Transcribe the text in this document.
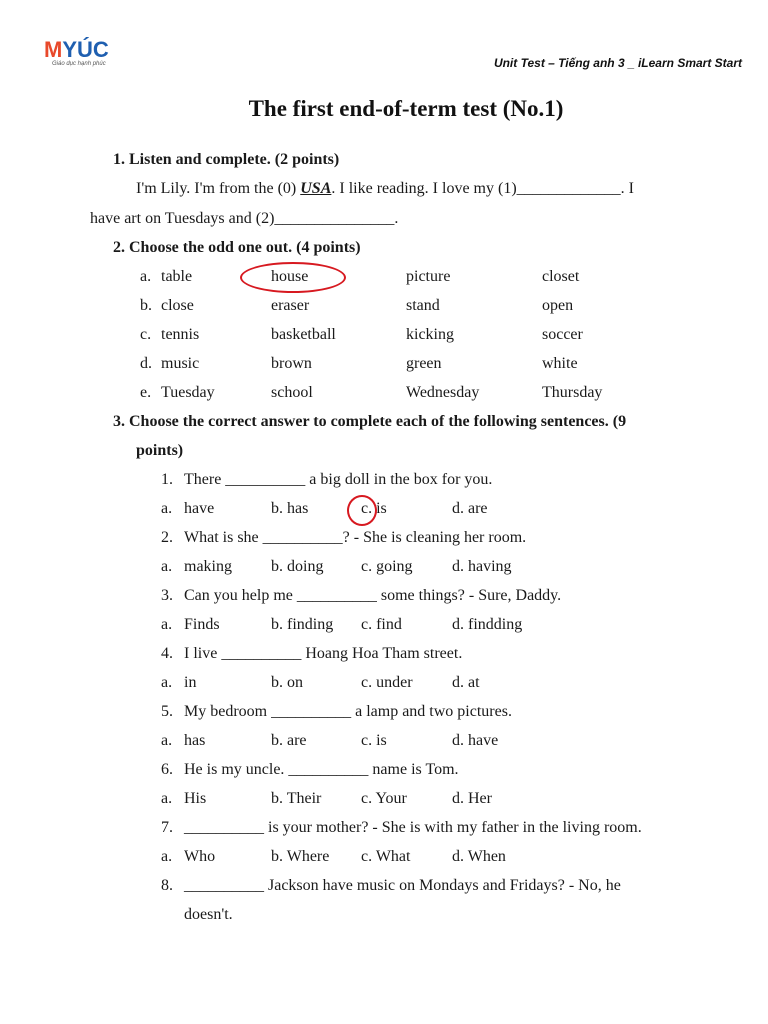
MYÚC
Giáo dục hạnh phúc	Unit Test – Tiếng anh 3 _ iLearn Smart Start
The first end-of-term test (No.1)
1. Listen and complete. (2 points)
I'm Lily. I'm from the (0) USA. I like reading. I love my (1)_____________. I
have art on Tuesdays and (2)_______________.
2. Choose the odd one out. (4 points)
a. table	house	picture	closet
b. close	eraser	stand	open
c. tennis	basketball	kicking	soccer
d. music	brown	green	white
e. Tuesday	school	Wednesday	Thursday
3. Choose the correct answer to complete each of the following sentences. (9
points)
1. There __________ a big doll in the box for you.
a. have	b. has	c. is	d. are
2. What is she __________? - She is cleaning her room.
a. making b. doing c. going d. having
3. Can you help me __________ some things? - Sure, Daddy.
a. Finds	b. finding c. find	d. findding
4. I live __________ Hoang Hoa Tham street.
a. in	b. on	c. under d. at
5. My bedroom __________ a lamp and two pictures.
a. has	b. are	c. is	d. have
6. He is my uncle. __________ name is Tom.
a. His	b. Their c. Your	d. Her
7. __________ is your mother? - She is with my father in the living room.
a. Who	b. Where c. What	d. When
8. __________ Jackson have music on Mondays and Fridays? - No, he
doesn't.
